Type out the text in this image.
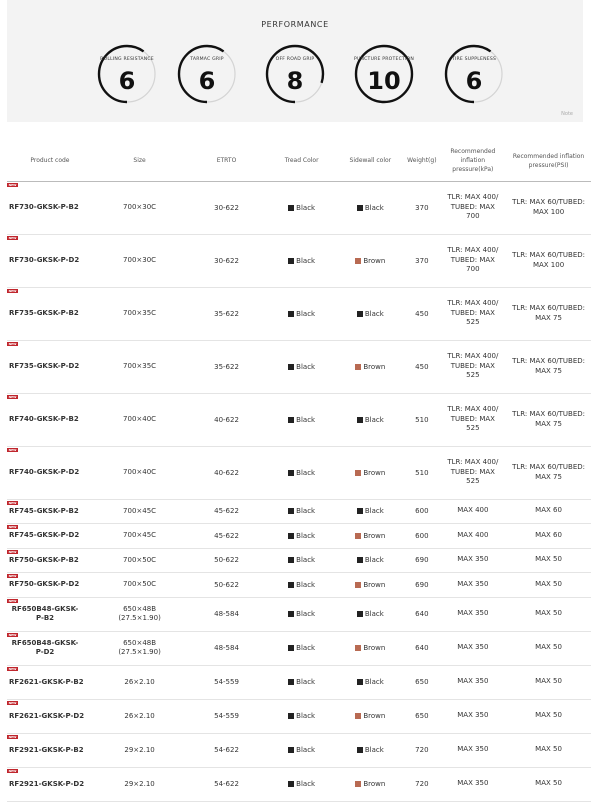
PERFORMANCE
ROLLING RESISTANCE
6
TARMAC GRIP
6
OFF ROAD GRIP
8
PUNCTURE PROTECTION
10
TIRE SUPPLENESS
6
Note
Product code	Size	ETRTO	Tread Color	Sidewall color	Weight(g)	Recommended inflation pressure(kPa)	Recommended inflation pressure(PSI)

NEW
RF730-GKSK-P-B2	700×30C	30-622	Black	Black	370	TLR: MAX 400/ TUBED: MAX 700	TLR: MAX 60/TUBED: MAX 100

NEW
RF730-GKSK-P-D2	700×30C	30-622	Black	Brown	370	TLR: MAX 400/ TUBED: MAX 700	TLR: MAX 60/TUBED: MAX 100

NEW
RF735-GKSK-P-B2	700×35C	35-622	Black	Black	450	TLR: MAX 400/ TUBED: MAX 525	TLR: MAX 60/TUBED: MAX 75

NEW
RF735-GKSK-P-D2	700×35C	35-622	Black	Brown	450	TLR: MAX 400/ TUBED: MAX 525	TLR: MAX 60/TUBED: MAX 75

NEW
RF740-GKSK-P-B2	700×40C	40-622	Black	Black	510	TLR: MAX 400/ TUBED: MAX 525	TLR: MAX 60/TUBED: MAX 75

NEW
RF740-GKSK-P-D2	700×40C	40-622	Black	Brown	510	TLR: MAX 400/ TUBED: MAX 525	TLR: MAX 60/TUBED: MAX 75

NEW
RF745-GKSK-P-B2	700×45C	45-622	Black	Black	600	MAX 400	MAX 60

NEW
RF745-GKSK-P-D2	700×45C	45-622	Black	Brown	600	MAX 400	MAX 60

NEW
RF750-GKSK-P-B2	700×50C	50-622	Black	Black	690	MAX 350	MAX 50

NEW
RF750-GKSK-P-D2	700×50C	50-622	Black	Brown	690	MAX 350	MAX 50

NEW
RF650B48-GKSK-P-B2	650×48B (27.5×1.90)	48-584	Black	Black	640	MAX 350	MAX 50

NEW
RF650B48-GKSK-P-D2	650×48B (27.5×1.90)	48-584	Black	Brown	640	MAX 350	MAX 50

NEW
RF2621-GKSK-P-B2	26×2.10	54-559	Black	Black	650	MAX 350	MAX 50

NEW
RF2621-GKSK-P-D2	26×2.10	54-559	Black	Brown	650	MAX 350	MAX 50

NEW
RF2921-GKSK-P-B2	29×2.10	54-622	Black	Black	720	MAX 350	MAX 50

NEW
RF2921-GKSK-P-D2	29×2.10	54-622	Black	Brown	720	MAX 350	MAX 50
